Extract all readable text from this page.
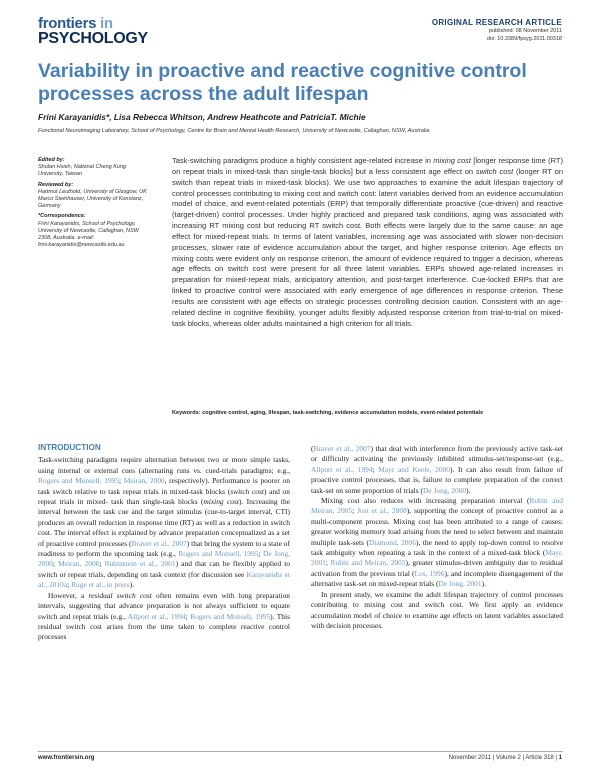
frontiers in
PSYCHOLOGY
ORIGINAL RESEARCH ARTICLE
published: 08 November 2011
doi: 10.3389/fpsyg.2011.00318
Variability in proactive and reactive cognitive control processes across the adult lifespan
Frini Karayanidis*, Lisa Rebecca Whitson, Andrew Heathcote and PatriciaT. Michie
Functional Neuroimaging Laboratory, School of Psychology, Centre for Brain and Mental Health Research, University of Newcastle, Callaghan, NSW, Australia
Edited by:
Shulan Hsieh, National Cheng Kung University, Taiwan
Reviewed by:
Hartmut Leuthold, University of Glasgow, UK
Marco Steinhauser, University of Konstanz, Germany
*Correspondence:
Frini Karayanidis, School of Psychology, University of Newcastle, Callaghan, NSW 2308, Australia. e-mail: frini.karayanidis@newcastle.edu.au
Task-switching paradigms produce a highly consistent age-related increase in mixing cost [longer response time (RT) on repeat trials in mixed-task than single-task blocks] but a less consistent age effect on switch cost (longer RT on switch than repeat trials in mixed-task blocks). We use two approaches to examine the adult lifespan trajectory of control processes contributing to mixing cost and switch cost: latent variables derived from an evidence accumulation model of choice, and event-related potentials (ERP) that temporally differentiate proactive (cue-driven) and reactive (target-driven) control processes. Under highly practiced and prepared task conditions, aging was associated with increasing RT mixing cost but reducing RT switch cost. Both effects were largely due to the same cause: an age effect for mixed-repeat trials. In terms of latent variables, increasing age was associated with slower non-decision processes, slower rate of evidence accumulation about the target, and higher response criterion. Age effects on mixing costs were evident only on response criterion, the amount of evidence required to trigger a decision, whereas age effects on switch cost were present for all three latent variables. ERPs showed age-related increases in preparation for mixed-repeat trials, anticipatory attention, and post-target interference. Cue-locked ERPs that are linked to proactive control were associated with early emergence of age differences in response criterion. These results are consistent with age effects on strategic processes controlling decision caution. Consistent with an age-related decline in cognitive flexibility, younger adults flexibly adjusted response criterion from trial-to-trial on mixed-task blocks, whereas older adults maintained a high criterion for all trials.
Keywords: cognitive control, aging, lifespan, task-switching, evidence accumulation models, event-related potentials
INTRODUCTION

Task-switching paradigms require alternation between two or more simple tasks, using internal or external cues (alternating runs vs. cued-trials paradigms; e.g., Rogers and Monsell, 1995; Meiran, 2000, respectively). Performance is poorer on task switch relative to task repeat trials in mixed-task blocks (switch cost) and on repeat trials in mixed- task than single-task blocks (mixing cost). Increasing the interval between the task cue and the target stimulus (cue-to-target interval, CTI) produces an overall reduction in response time (RT) as well as a reduction in switch cost. The interval effect is explained by advance preparation conceptualized as a set of proactive control processes (Braver et al., 2007) that bring the system to a state of readiness to perform the upcoming task (e.g., Rogers and Monsell, 1995; De Jong, 2000; Meiran, 2000; Rubinstein et al., 2001) and that can be flexibly applied to switch or repeat trials, depending on task context (for discussion see Karayanidis et al., 2010a; Ruge et al., in press).

However, a residual switch cost often remains even with long preparation intervals, suggesting that advance preparation is not always sufficient to equate switch and repeat trials (e.g., Allport et al., 1994; Rogers and Monsell, 1995). This residual switch cost arises from the time taken to complete reactive control processes

(Braver et al., 2007) that deal with interference from the previously active task-set or difficulty activating the previously inhibited stimulus-set/response-set (e.g., Allport et al., 1994; Mayr and Keele, 2000). It can also result from failure of proactive control processes, that is, failure to complete preparation of the correct task-set on some proportion of trials (De Jong, 2000).

Mixing cost also reduces with increasing preparation interval (Rubin and Meiran, 2005; Jost et al., 2008), supporting the concept of proactive control as a multi-component process. Mixing cost has been attributed to a range of causes: greater working memory load arising from the need to select between and maintain multiple task-sets (Diamond, 2006), the need to apply top-down control to resolve task ambiguity when repeating a task in the context of a mixed-task block (Mayr, 2001; Rubin and Meiran, 2005), greater stimulus-driven ambiguity due to residual activation from the previous trial (Los, 1996), and incomplete disengagement of the alternative task-set on mixed-repeat trials (De Jong, 2001).

In present study, we examine the adult lifespan trajectory of control processes contributing to mixing cost and switch cost. We first apply an evidence accumulation model of choice to examine age effects on latent variables associated with decision processes.

www.frontiersin.org	November 2011 | Volume 2 | Article 318 | 1
